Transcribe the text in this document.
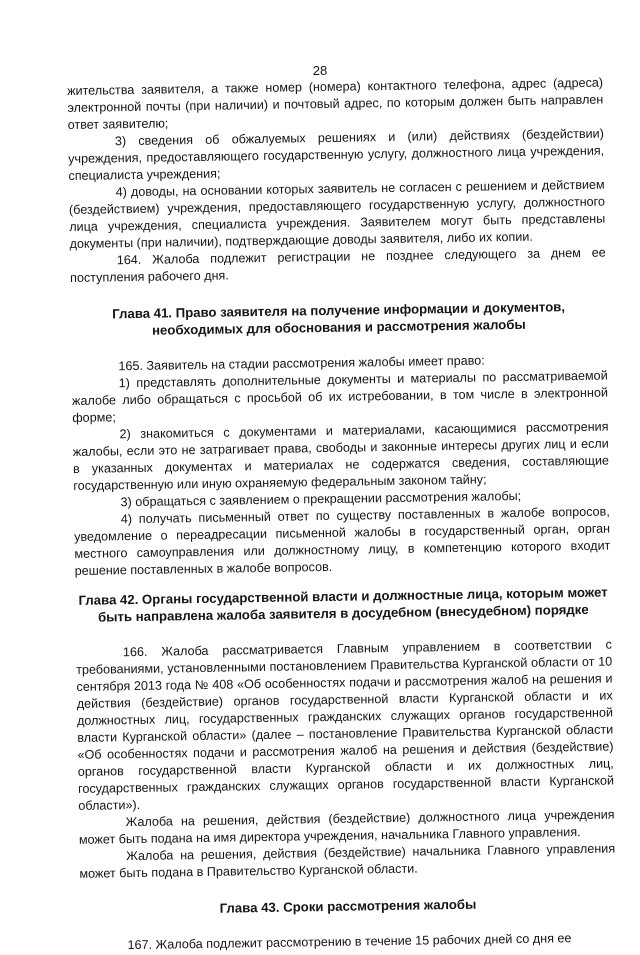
28

жительства заявителя, а также номер (номера) контактного телефона, адрес (адреса) электронной почты (при наличии) и почтовый адрес, по которым должен быть направлен ответ заявителю;

3) сведения об обжалуемых решениях и (или) действиях (бездействии) учреждения, предоставляющего государственную услугу, должностного лица учреждения, специалиста учреждения;

4) доводы, на основании которых заявитель не согласен с решением и действием (бездействием) учреждения, предоставляющего государственную услугу, должностного лица учреждения, специалиста учреждения. Заявителем могут быть представлены документы (при наличии), подтверждающие доводы заявителя, либо их копии.

164. Жалоба подлежит регистрации не позднее следующего за днем ее поступления рабочего дня.

Глава 41. Право заявителя на получение информации и документов, необходимых для обоснования и рассмотрения жалобы

165. Заявитель на стадии рассмотрения жалобы имеет право:

1) представлять дополнительные документы и материалы по рассматриваемой жалобе либо обращаться с просьбой об их истребовании, в том числе в электронной форме;

2) знакомиться с документами и материалами, касающимися рассмотрения жалобы, если это не затрагивает права, свободы и законные интересы других лиц и если в указанных документах и материалах не содержатся сведения, составляющие государственную или иную охраняемую федеральным законом тайну;

3) обращаться с заявлением о прекращении рассмотрения жалобы;

4) получать письменный ответ по существу поставленных в жалобе вопросов, уведомление о переадресации письменной жалобы в государственный орган, орган местного самоуправления или должностному лицу, в компетенцию которого входит решение поставленных в жалобе вопросов.

Глава 42. Органы государственной власти и должностные лица, которым может быть направлена жалоба заявителя в досудебном (внесудебном) порядке

166. Жалоба рассматривается Главным управлением в соответствии с требованиями, установленными постановлением Правительства Курганской области от 10 сентября 2013 года № 408 «Об особенностях подачи и рассмотрения жалоб на решения и действия (бездействие) органов государственной власти Курганской области и их должностных лиц, государственных гражданских служащих органов государственной власти Курганской области» (далее – постановление Правительства Курганской области «Об особенностях подачи и рассмотрения жалоб на решения и действия (бездействие) органов государственной власти Курганской области и их должностных лиц, государственных гражданских служащих органов государственной власти Курганской области»).

Жалоба на решения, действия (бездействие) должностного лица учреждения может быть подана на имя директора учреждения, начальника Главного управления.

Жалоба на решения, действия (бездействие) начальника Главного управления может быть подана в Правительство Курганской области.

Глава 43. Сроки рассмотрения жалобы

167. Жалоба подлежит рассмотрению в течение 15 рабочих дней со дня ее
